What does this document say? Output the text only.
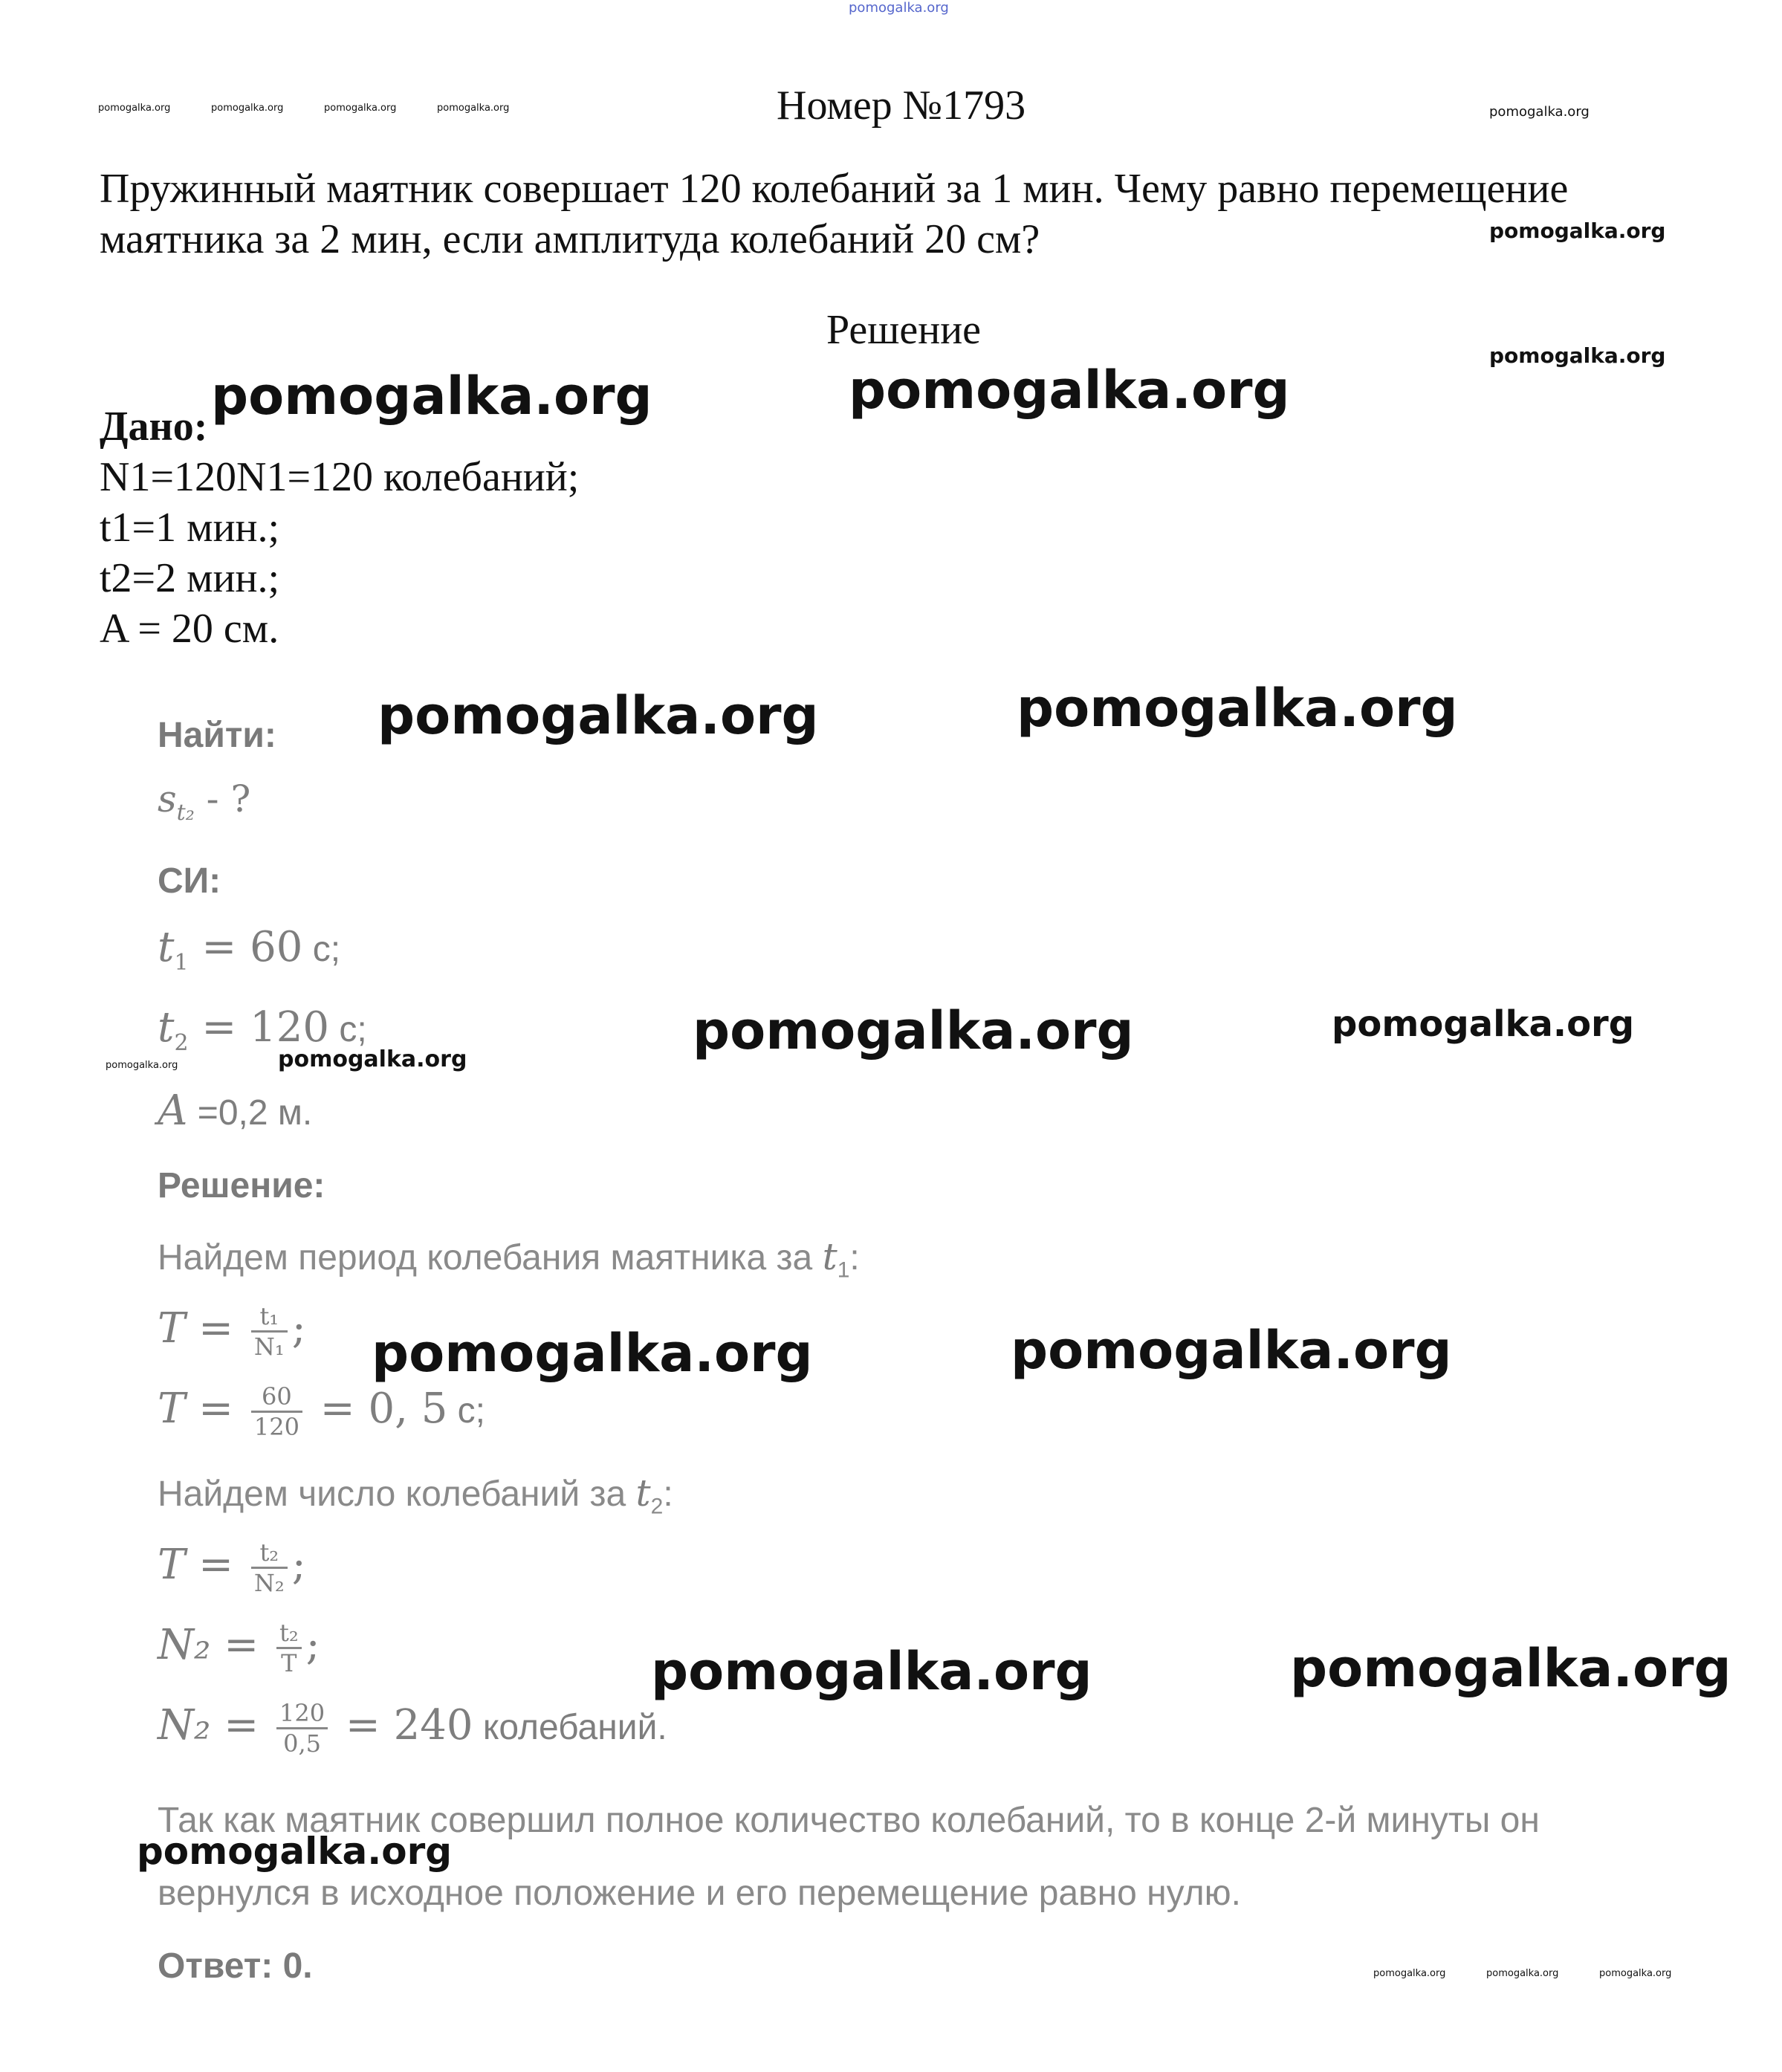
pomogalka.org
pomogalka.org	pomogalka.org	pomogalka.org	pomogalka.org	pomogalka.org
Номер №1793
Пружинный маятник совершает 120 колебаний за 1 мин. Чему равно перемещение маятника за 2 мин, если амплитуда колебаний 20 см?	pomogalka.org
Решение
pomogalka.org
Дано:
N1=120N1=120 колебаний;
t1=1 мин.;
t2=2 мин.;
A = 20 см.
Найти:
$s_{t_2}$ - ?
СИ:
$t_1 = 60$ с;
$t_2 = 120$ с;
A =0,2 м.
Решение:
Найдем период колебания маятника за $t_1$:
$T = \frac{\text{t₁}}{\text{N₁}}$ ;
$T = \frac{60}{120} = 0$, 5 с;
Найдем число колебаний за $t_2$:
$T = \frac{\text{t₂}}{\text{N₂}}$ ;
$N_2 = \frac{\text{t₂}}{T}$ ;
$N_2 = \frac{120}{0,5} = 240$ колебаний.
Так как маятник совершил полное количество колебаний, то в конце 2-й минуты он
вернулся в исходное положение и его перемещение равно нулю.
Ответ: 0.
pomogalka.org	pomogalka.org
pomogalka.org	pomogalka.org
pomogalka.org
pomogalka.org	pomogalka.org
pomogalka.org	pomogalka.org
pomogalka.org
pomogalka.org
pomogalka.org
pomogalka.org
pomogalka.org	pomogalka.org	pomogalka.org
